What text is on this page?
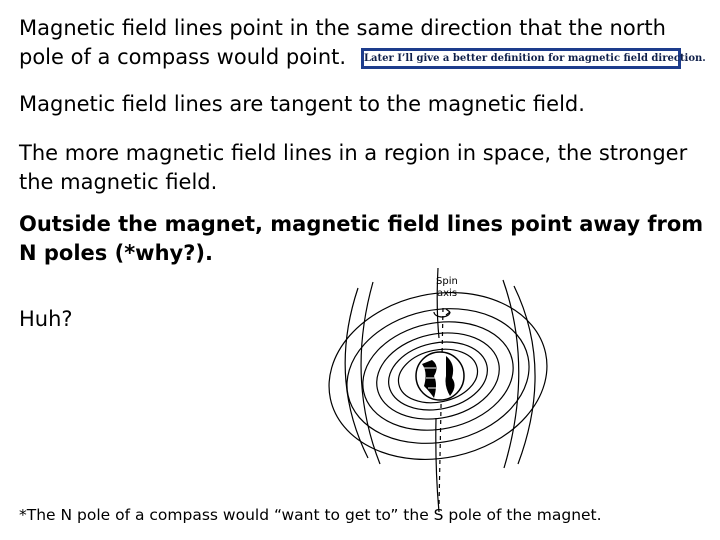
Magnetic field lines point in the same direction that the north
pole of a compass would point.	Later I’ll give a better definition for magnetic field direction.

Magnetic field lines are tangent to the magnetic field.

The more magnetic field lines in a region in space, the stronger the magnetic field.

Outside the magnet, magnetic field lines point away from N poles (*why?).

Huh?

Spin
axis

*The N pole of a compass would “want to get to” the S pole of the magnet.
